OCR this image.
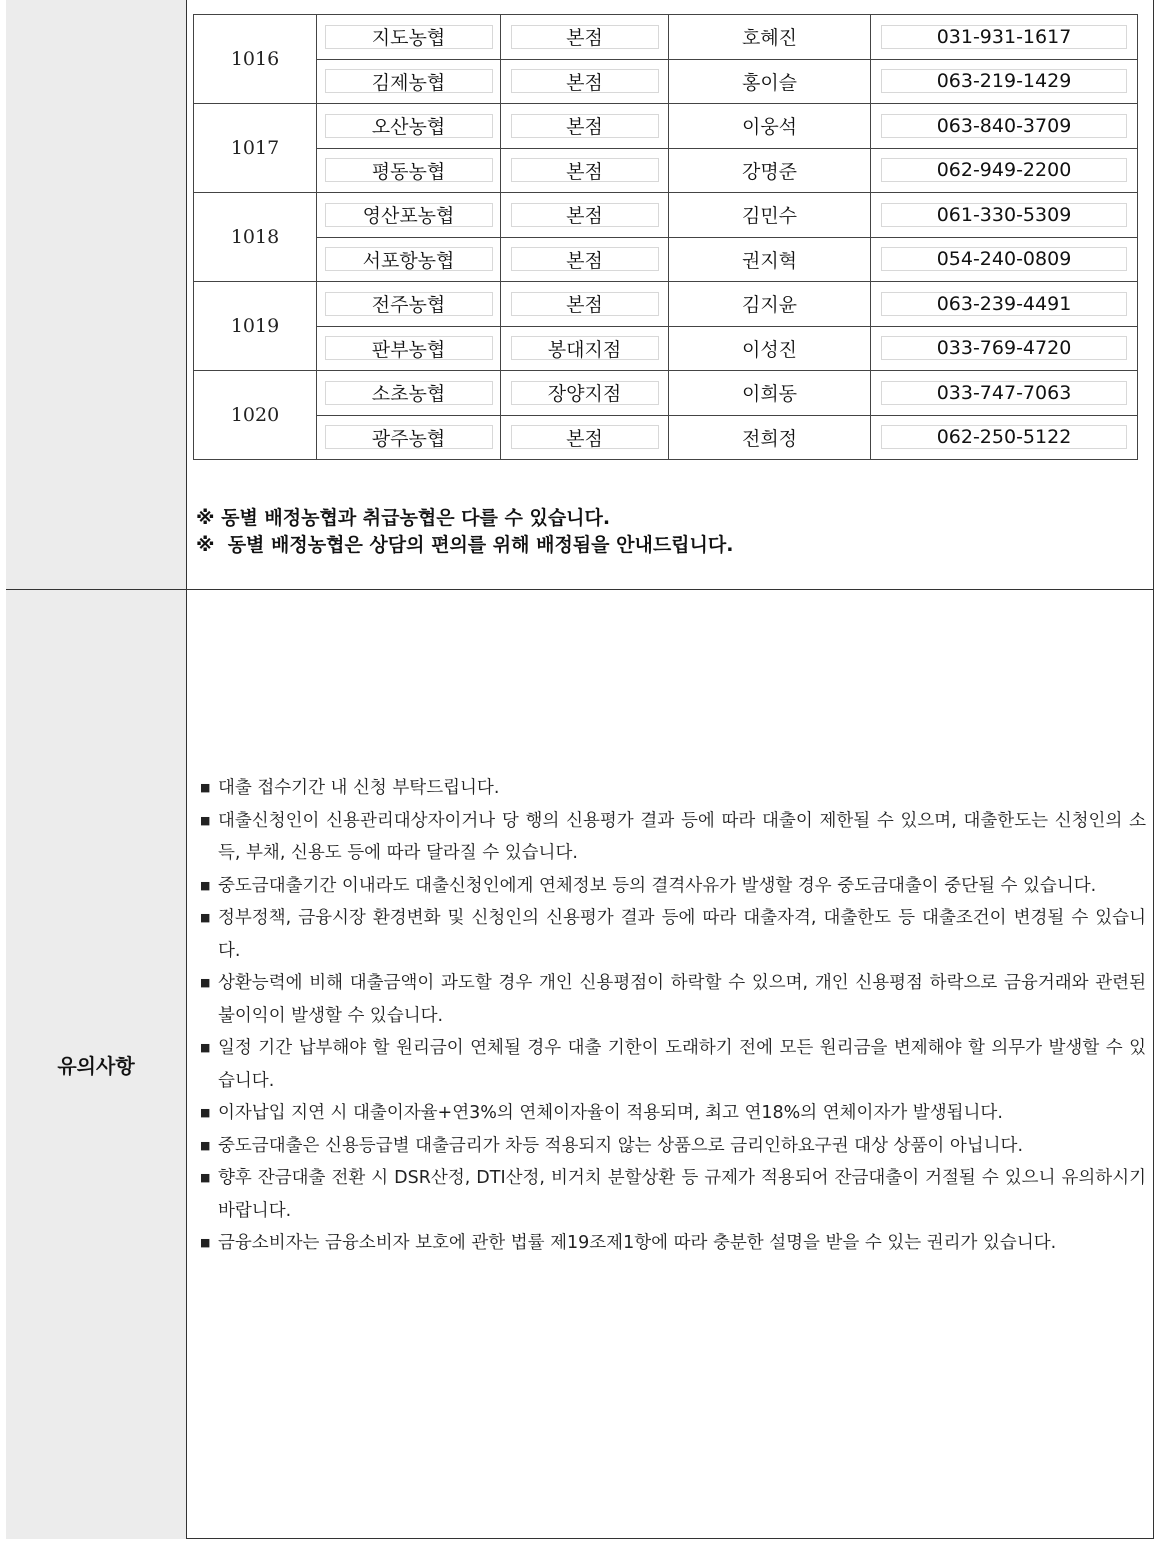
유의사항
1016	지도농협	본점	호혜진	031-931-1617

김제농협	본점	홍이슬	063-219-1429

1017	오산농협	본점	이웅석	063-840-3709

평동농협	본점	강명준	062-949-2200

1018	영산포농협	본점	김민수	061-330-5309

서포항농협	본점	권지혁	054-240-0809

1019	전주농협	본점	김지윤	063-239-4491

판부농협	봉대지점	이성진	033-769-4720

1020	소초농협	장양지점	이희동	033-747-7063

광주농협	본점	전희정	062-250-5122
※ 동별 배정농협과 취급농협은 다를 수 있습니다.
※  동별 배정농협은 상담의 편의를 위해 배정됨을 안내드립니다.
■ 대출 접수기간 내 신청 부탁드립니다.
■ 대출신청인이 신용관리대상자이거나 당 행의 신용평가 결과 등에 따라 대출이 제한될 수 있으며, 대출한도는 신청인의 소득, 부채, 신용도 등에 따라 달라질 수 있습니다.
■ 중도금대출기간 이내라도 대출신청인에게 연체정보 등의 결격사유가 발생할 경우 중도금대출이 중단될 수 있습니다.
■ 정부정책, 금융시장 환경변화 및 신청인의 신용평가 결과 등에 따라 대출자격, 대출한도 등 대출조건이 변경될 수 있습니다.
■ 상환능력에 비해 대출금액이 과도할 경우 개인 신용평점이 하락할 수 있으며, 개인 신용평점 하락으로 금융거래와 관련된 불이익이 발생할 수 있습니다.
■ 일정 기간 납부해야 할 원리금이 연체될 경우 대출 기한이 도래하기 전에 모든 원리금을 변제해야 할 의무가 발생할 수 있습니다.
■ 이자납입 지연 시 대출이자율+연3%의 연체이자율이 적용되며, 최고 연18%의 연체이자가 발생됩니다.
■ 중도금대출은 신용등급별 대출금리가 차등 적용되지 않는 상품으로 금리인하요구권 대상 상품이 아닙니다.
■ 향후 잔금대출 전환 시 DSR산정, DTI산정, 비거치 분할상환 등 규제가 적용되어 잔금대출이 거절될 수 있으니 유의하시기 바랍니다.
■ 금융소비자는 금융소비자 보호에 관한 법률 제19조제1항에 따라 충분한 설명을 받을 수 있는 권리가 있습니다.
